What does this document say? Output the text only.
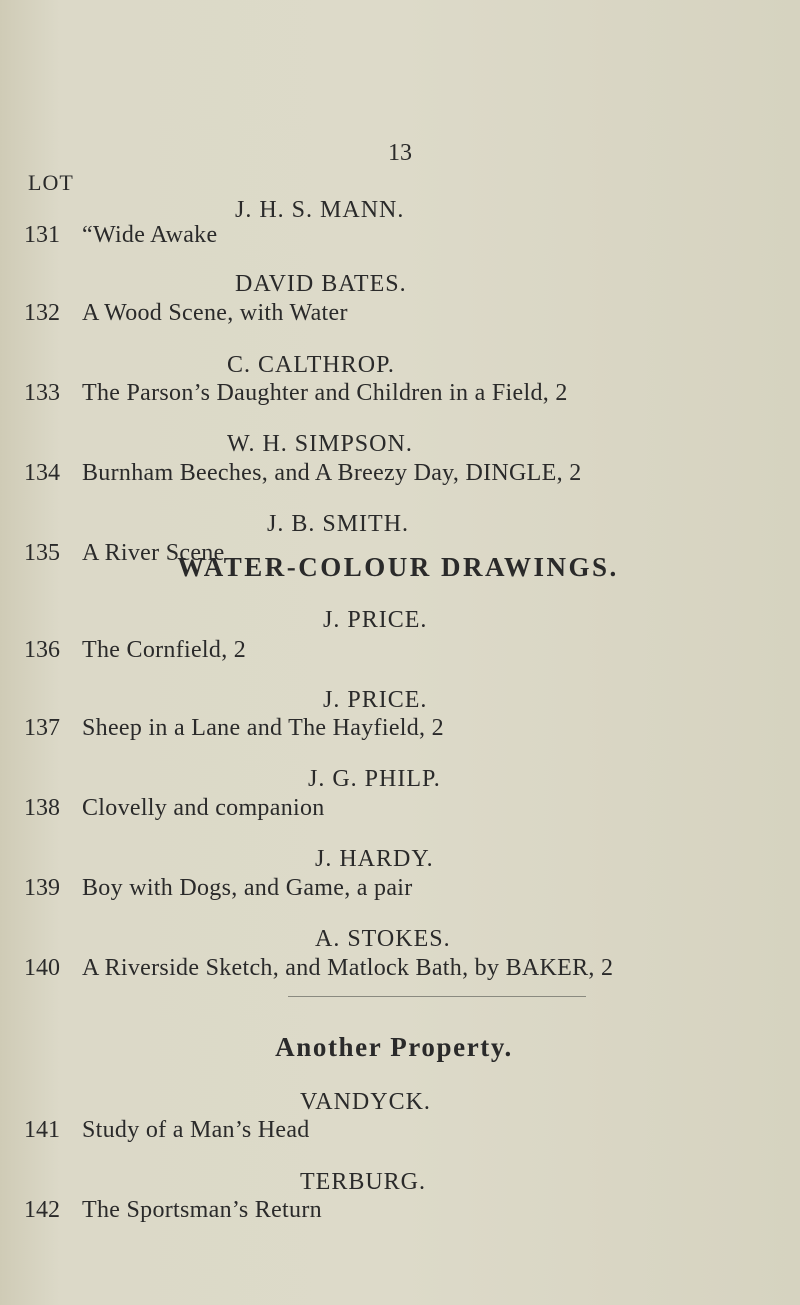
13
LOT
J. H. S. MANN.
131 “Wide Awake
DAVID BATES.
132 A Wood Scene, with Water
C. CALTHROP.
133 The Parson’s Daughter and Children in a Field, 2
W. H. SIMPSON.
134 Burnham Beeches, and A Breezy Day, DINGLE, 2
J. B. SMITH.
135 A River Scene
WATER-COLOUR DRAWINGS.
J. PRICE.
136 The Cornfield, 2
J. PRICE.
137 Sheep in a Lane and The Hayfield, 2
J. G. PHILP.
138 Clovelly and companion
J. HARDY.
139 Boy with Dogs, and Game, a pair
A. STOKES.
140 A Riverside Sketch, and Matlock Bath, by BAKER, 2
Another Property.
VANDYCK.
141 Study of a Man’s Head
TERBURG.
142 The Sportsman’s Return
